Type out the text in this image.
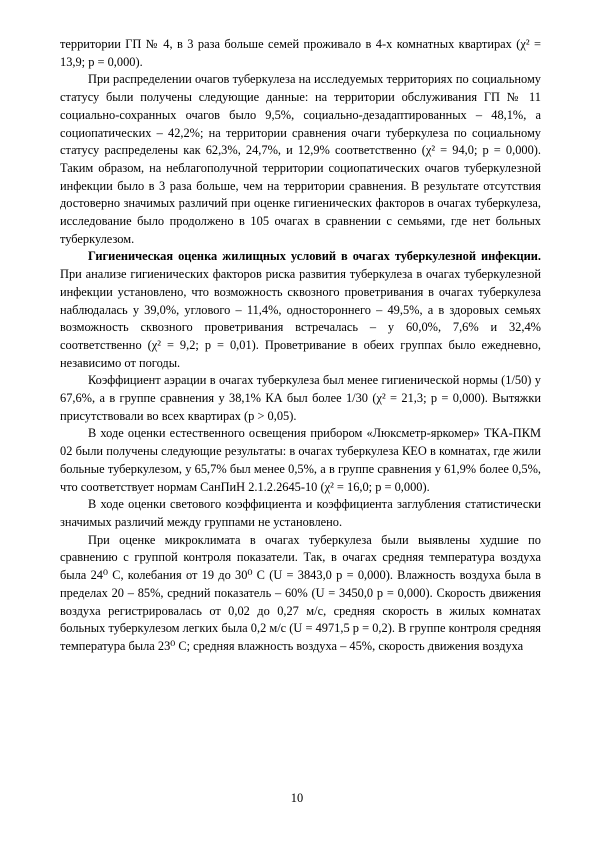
территории ГП № 4, в 3 раза больше семей проживало в 4-х комнатных квартирах (χ² = 13,9; р = 0,000).

При распределении очагов туберкулеза на исследуемых территориях по социальному статусу были получены следующие данные: на территории обслуживания ГП № 11 социально-сохранных очагов было 9,5%, социально-дезадаптированных – 48,1%, а социопатических – 42,2%; на территории сравнения очаги туберкулеза по социальному статусу распределены как 62,3%, 24,7%, и 12,9% соответственно (χ² = 94,0; р = 0,000). Таким образом, на неблагополучной территории социопатических очагов туберкулезной инфекции было в 3 раза больше, чем на территории сравнения. В результате отсутствия достоверно значимых различий при оценке гигиенических факторов в очагах туберкулеза, исследование было продолжено в 105 очагах в сравнении с семьями, где нет больных туберкулезом.

Гигиеническая оценка жилищных условий в очагах туберкулезной инфекции. При анализе гигиенических факторов риска развития туберкулеза в очагах туберкулезной инфекции установлено, что возможность сквозного проветривания в очагах туберкулеза наблюдалась у 39,0%, углового – 11,4%, одностороннего – 49,5%, а в здоровых семьях возможность сквозного проветривания встречалась – у 60,0%, 7,6% и 32,4% соответственно (χ² = 9,2; р = 0,01). Проветривание в обеих группах было ежедневно, независимо от погоды.

Коэффициент аэрации в очагах туберкулеза был менее гигиенической нормы (1/50) у 67,6%, а в группе сравнения у 38,1% КА был более 1/30 (χ² = 21,3; р = 0,000). Вытяжки присутствовали во всех квартирах (р > 0,05).

В ходе оценки естественного освещения прибором «Люксметр-яркомер» ТКА-ПКМ 02 были получены следующие результаты: в очагах туберкулеза КЕО в комнатах, где жили больные туберкулезом, у 65,7% был менее 0,5%, а в группе сравнения у 61,9% более 0,5%, что соответствует нормам СанПиН 2.1.2.2645-10 (χ² = 16,0; р = 0,000).

В ходе оценки светового коэффициента и коэффициента заглубления статистически значимых различий между группами не установлено.

При оценке микроклимата в очагах туберкулеза были выявлены худшие по сравнению с группой контроля показатели. Так, в очагах средняя температура воздуха была 24⁰ С, колебания от 19 до 30⁰ С (U = 3843,0 р = 0,000). Влажность воздуха была в пределах 20 – 85%, средний показатель – 60% (U = 3450,0 р = 0,000). Скорость движения воздуха регистрировалась от 0,02 до 0,27 м/с, средняя скорость в жилых комнатах больных туберкулезом легких была 0,2 м/с (U = 4971,5 р = 0,2). В группе контроля средняя температура была 23⁰ С; средняя влажность воздуха – 45%, скорость движения воздуха

10
